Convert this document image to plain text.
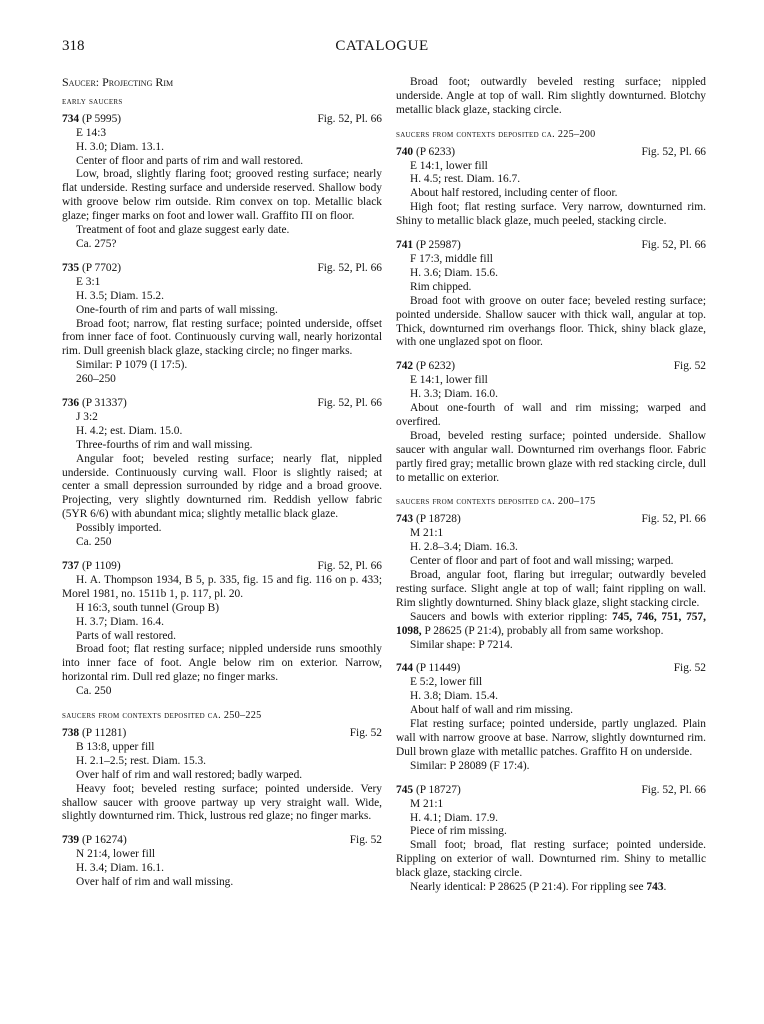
318	CATALOGUE
Saucer: Projecting Rim
early saucers
734 (P 5995)	Fig. 52, Pl. 66
E 14:3
H. 3.0; Diam. 13.1.
Center of floor and parts of rim and wall restored.
Low, broad, slightly flaring foot; grooved resting surface; nearly flat underside. Resting surface and underside reserved. Shallow body with groove below rim outside. Rim convex on top. Metallic black glaze; finger marks on foot and lower wall. Graffito ΠΙ on floor.
Treatment of foot and glaze suggest early date.
Ca. 275?
735 (P 7702)	Fig. 52, Pl. 66
E 3:1
H. 3.5; Diam. 15.2.
One-fourth of rim and parts of wall missing.
Broad foot; narrow, flat resting surface; pointed underside, offset from inner face of foot. Continuously curving wall, nearly horizontal rim. Dull greenish black glaze, stacking circle; no finger marks.
Similar: P 1079 (I 17:5).
260–250
736 (P 31337)	Fig. 52, Pl. 66
J 3:2
H. 4.2; est. Diam. 15.0.
Three-fourths of rim and wall missing.
Angular foot; beveled resting surface; nearly flat, nippled underside. Continuously curving wall. Floor is slightly raised; at center a small depression surrounded by ridge and a broad groove. Projecting, very slightly downturned rim. Reddish yellow fabric (5YR 6/6) with abundant mica; slightly metallic black glaze.
Possibly imported.
Ca. 250
737 (P 1109)	Fig. 52, Pl. 66
H. A. Thompson 1934, B 5, p. 335, fig. 15 and fig. 116 on p. 433; Morel 1981, no. 1511b 1, p. 117, pl. 20.
H 16:3, south tunnel (Group B)
H. 3.7; Diam. 16.4.
Parts of wall restored.
Broad foot; flat resting surface; nippled underside runs smoothly into inner face of foot. Angle below rim on exterior. Narrow, horizontal rim. Dull red glaze; no finger marks.
Ca. 250
saucers from contexts deposited ca. 250–225
738 (P 11281)	Fig. 52
B 13:8, upper fill
H. 2.1–2.5; rest. Diam. 15.3.
Over half of rim and wall restored; badly warped.
Heavy foot; beveled resting surface; pointed underside. Very shallow saucer with groove partway up very straight wall. Wide, slightly downturned rim. Thick, lustrous red glaze; no finger marks.
739 (P 16274)	Fig. 52
N 21:4, lower fill
H. 3.4; Diam. 16.1.
Over half of rim and wall missing.
Broad foot; outwardly beveled resting surface; nippled underside. Angle at top of wall. Rim slightly downturned. Blotchy metallic black glaze, stacking circle.
saucers from contexts deposited ca. 225–200
740 (P 6233)	Fig. 52, Pl. 66
E 14:1, lower fill
H. 4.5; rest. Diam. 16.7.
About half restored, including center of floor.
High foot; flat resting surface. Very narrow, downturned rim. Shiny to metallic black glaze, much peeled, stacking circle.
741 (P 25987)	Fig. 52, Pl. 66
F 17:3, middle fill
H. 3.6; Diam. 15.6.
Rim chipped.
Broad foot with groove on outer face; beveled resting surface; pointed underside. Shallow saucer with thick wall, angular at top. Thick, downturned rim overhangs floor. Thick, shiny black glaze, with one unglazed spot on floor.
742 (P 6232)	Fig. 52
E 14:1, lower fill
H. 3.3; Diam. 16.0.
About one-fourth of wall and rim missing; warped and overfired.
Broad, beveled resting surface; pointed underside. Shallow saucer with angular wall. Downturned rim overhangs floor. Fabric partly fired gray; metallic brown glaze with red stacking circle, dull to metallic on exterior.
saucers from contexts deposited ca. 200–175
743 (P 18728)	Fig. 52, Pl. 66
M 21:1
H. 2.8–3.4; Diam. 16.3.
Center of floor and part of foot and wall missing; warped.
Broad, angular foot, flaring but irregular; outwardly beveled resting surface. Slight angle at top of wall; faint rippling on wall. Rim slightly downturned. Shiny black glaze, slight stacking circle.
Saucers and bowls with exterior rippling: 745, 746, 751, 757, 1098, P 28625 (P 21:4), probably all from same workshop.
Similar shape: P 7214.
744 (P 11449)	Fig. 52
E 5:2, lower fill
H. 3.8; Diam. 15.4.
About half of wall and rim missing.
Flat resting surface; pointed underside, partly unglazed. Plain wall with narrow groove at base. Narrow, slightly downturned rim. Dull brown glaze with metallic patches. Graffito H on underside.
Similar: P 28089 (F 17:4).
745 (P 18727)	Fig. 52, Pl. 66
M 21:1
H. 4.1; Diam. 17.9.
Piece of rim missing.
Small foot; broad, flat resting surface; pointed underside. Rippling on exterior of wall. Downturned rim. Shiny to metallic black glaze, stacking circle.
Nearly identical: P 28625 (P 21:4). For rippling see 743.
